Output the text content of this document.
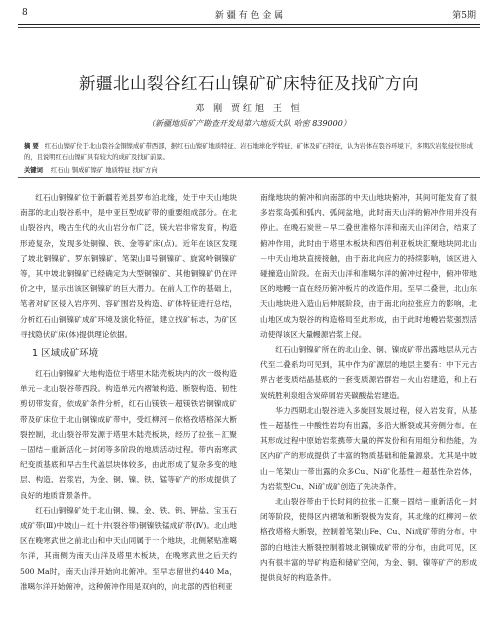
8	新 疆 有 色 金 属	第5期
新疆北山裂谷红石山镍矿矿床特征及找矿方向
邓 刚 贾红旭 王 恒
（新疆地质矿产勘查开发局第六地质大队 哈密 839000）
摘 要 红石山镍矿位于北山裂谷金铜镍成矿带西部，据红石山镍矿地质特征、岩石地球化学特征、矿体及矿石特征，认为岩体在裂谷环境下，多期次岩浆侵位形成的，且说明红石山镍矿具有较大的成矿及找矿前景。
关键词 红石山 铜成矿镍矿 地质特征 找矿方向

红石山铜镍矿位于新疆若羌县罗布泊北缘，处于中天山地块南部的北山裂谷系中，是中亚巨型成矿带的重要组成部分。在北山裂谷内，晚古生代的火山岩分布广泛，镁大岩非常发育，构造形迹复杂，发现多处铜镍、铁、金等矿床(点)。近年在该区发现了坡北铜镍矿、罗东铜镍矿、笔架山Ⅱ号铜镍矿、旋窝岭铜镍矿等，其中坡北铜镍矿已经确定为大型铜镍矿、其他铜镍矿仍在评价之中，显示出该区铜镍矿的巨大潜力。在前人工作的基础上，笔者对矿区侵入岩序列、容矿围岩及构造、矿体特征进行总结，分析红石山铜镍矿成矿环境及演化特征，建立找矿标志，为矿区寻找隐伏矿床(体)提供理论依据。

1 区域成矿环境

红石山铜镍矿大地构造位于塔里木陆壳板块内的次一级构造单元－北山裂谷带西段。构造单元内褶皱构造、断裂构造、韧性剪切带发育，依成矿条件分析，红石山镁铁－超镁铁岩铜镍成矿带及矿床位于北山铜镍成矿带中，受红柳河－依格孜塔格深大断裂控制，北山裂谷带发源于塔里木陆壳板块，经历了拉张－汇聚－固结－重新活化－封闭等多阶段的地质活动过程。带内南寒武纪变质基底和早古生代盖层块体较多，由此形成了复杂多变的地层、构造、岩浆岩，为金、铜、镍、铁、锰等矿产的形成提供了良好的地质背景条件。

红石山铜镍矿处于北山铜、镍、金、铁、钒、钾盐、宝玉石成矿带(Ⅲ)中坡山－红十井(裂谷带)铜镍铁锰成矿带(Ⅳ)。北山地区在晚寒武世之前北山和中天山同属于一个地块，北侧紧贴准噶尔洋，其南侧为南天山洋及塔里木板块，在晚寒武世之后天约500 Ma时，南天山洋开始向北俯冲。至早志留世约440 Ma，准噶尔洋开始俯冲，这种俯冲作用是双向的，向北部的西伯利亚

南缘地块的俯冲和向南部的中天山地块俯冲，其间可能发育了很多岩浆岛弧和弧内、弧间盆地，此时南天山洋的俯冲作用并没有停止。在晚石炭世－早二叠世准格尔洋和南天山洋闭合，结束了俯冲作用，此时由于塔里木板块和西伯利亚板块汇聚地块同北山－中天山地块直接接触，由于南北向应力的持续影响，该区进入碰撞造山阶段。在南天山洋和准噶尔洋的俯冲过程中，俯冲带地区的地幔一直在经历俯冲板片的改造作用。至早二叠世，北山东天山地块进入造山后伸展阶段，由于南北向拉张应力的影响，北山地区成为裂谷的构造格局至此形成，由于此时地幔岩浆强烈活动使得该区大量幔源岩浆上侵。

红石山铜镍矿所在的北山金、铜、镍成矿带出露地层从元古代至二叠系均可见到，其中作为矿源层的地层主要有：中下元古界古老变质结晶基底的一套变质源岩群岩－火山岩建造，和上石炭统胜利泉组含炭碎屑岩夹碳酸盐岩建造。

华力西期北山裂谷进入多旋回发展过程，侵入岩发育，从基性－超基性－中酸性岩均有出露，多沿大断裂或其旁侧分布。在其形成过程中原始岩浆携带大量的挥发份和有用组分和热能，为区内矿产的形成提供了丰富的物质基础和能量源泉。尤其是中坡山－笔架山一带出露的众多Cu、Ni矿化基性－超基性杂岩体，为岩浆型Cu、Ni矿成矿创造了先决条件。

北山裂谷带由于长时间的拉张－汇聚－固结－重新活化－封闭等阶段，使得区内褶皱和断裂极为发育，其北缘的红柳河－依格孜塔格大断裂，控制着笔架山Fe、Cu、Ni成矿带的分布。中部的白地洼大断裂控制着坡北铜镍成矿带的分布，由此可见，区内有很丰富的导矿构造和储矿空间，为金、铜、镍等矿产的形成提供良好的构造条件。
